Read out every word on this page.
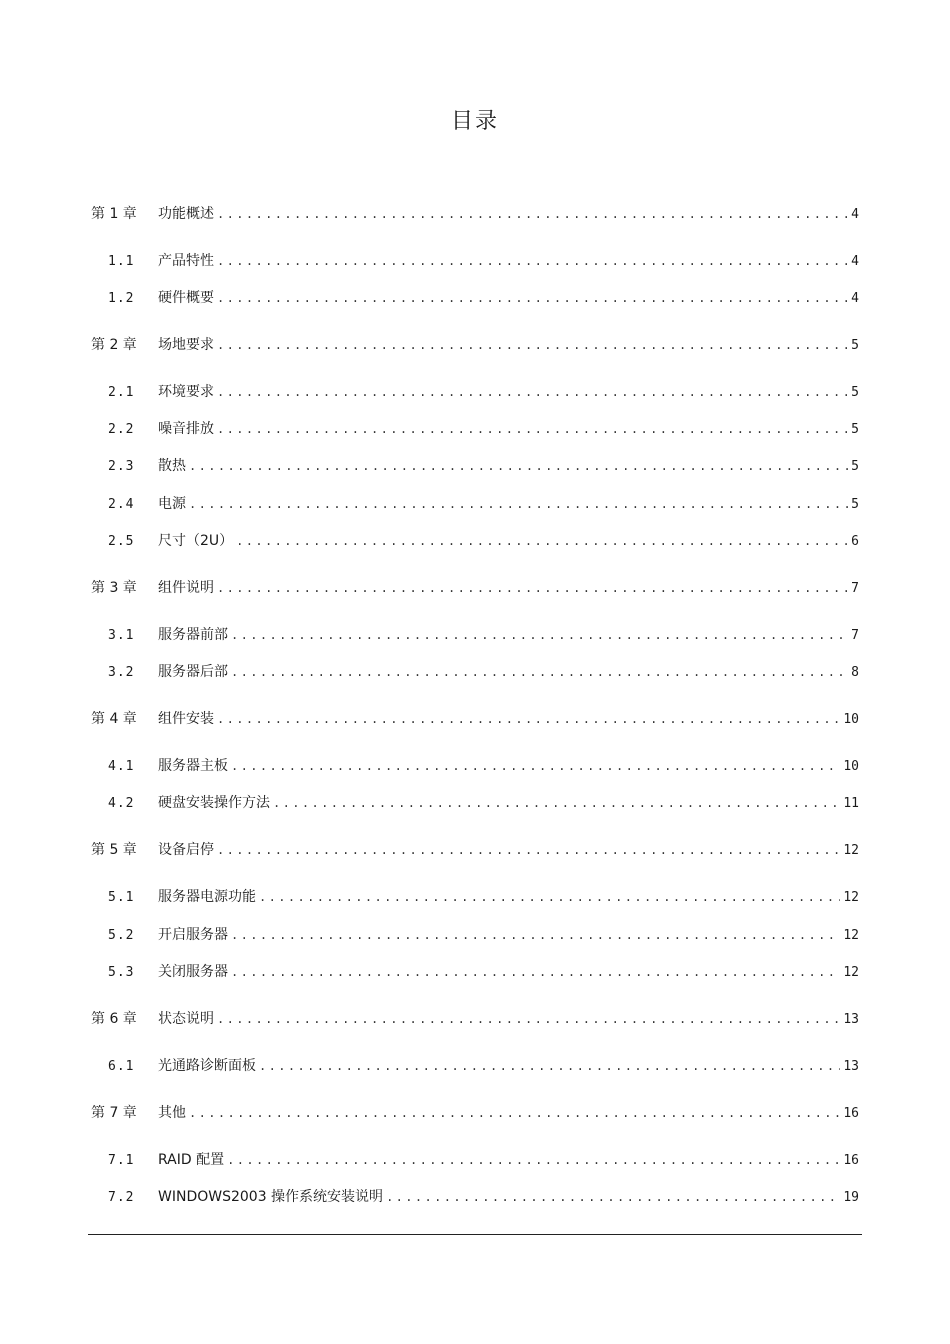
目录
第 1 章	功能概述 .....	4
1.1	产品特性 .....	4
1.2	硬件概要 .....	4
第 2 章	场地要求 .....	5
2.1	环境要求 .....	5
2.2	噪音排放 .....	5
2.3	散热 .....	5
2.4	电源 .....	5
2.5	尺寸（2U） .....	6
第 3 章	组件说明 .....	7
3.1	服务器前部 .....	7
3.2	服务器后部 .....	8
第 4 章	组件安装 .....	10
4.1	服务器主板 .....	10
4.2	硬盘安装操作方法 .....	11
第 5 章	设备启停 .....	12
5.1	服务器电源功能 .....	12
5.2	开启服务器 .....	12
5.3	关闭服务器 .....	12
第 6 章	状态说明 .....	13
6.1	光通路诊断面板 .....	13
第 7 章	其他 .....	16
7.1	RAID 配置 .....	16
7.2	WINDOWS2003 操作系统安装说明 .....	19
